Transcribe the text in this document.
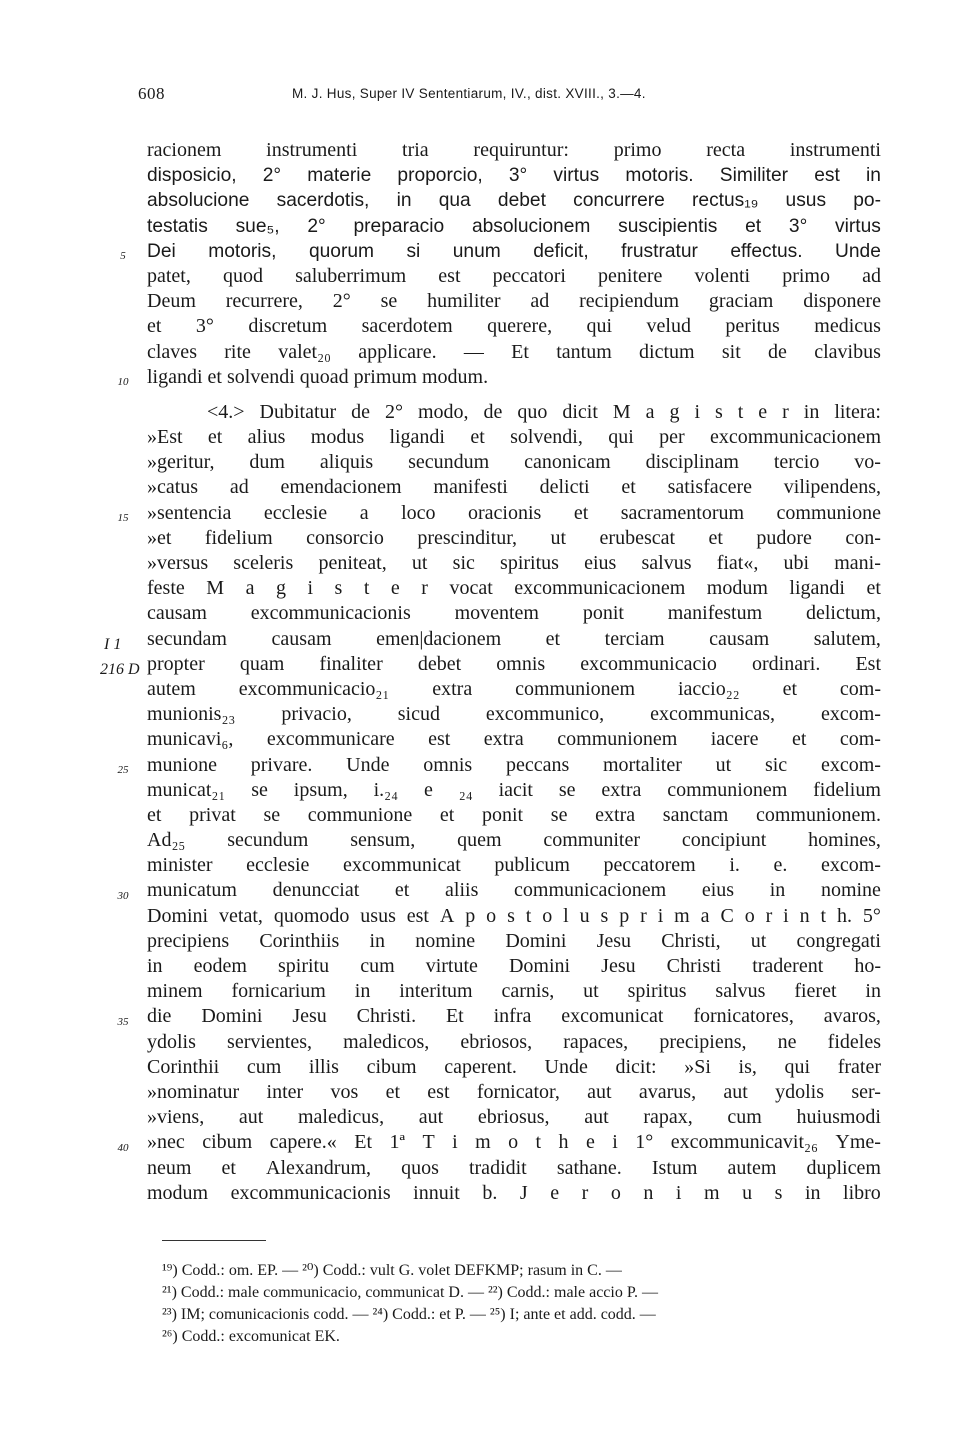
608	M. J. Hus, Super IV Sententiarum, IV., dist. XVIII., 3.—4.
racionem instrumenti tria requiruntur: primo recta instrumenti
disposicio, 2° materie proporcio, 3° virtus motoris. Similiter est in
absolucione sacerdotis, in qua debet concurrere rectus₁₉ usus po-
testatis sue₅, 2° preparacio absolucionem suscipientis et 3° virtus
Dei motoris, quorum si unum deficit, frustratur effectus. Unde
patet, quod saluberrimum est peccatori penitere volenti primo ad
Deum recurrere, 2° se humiliter ad recipiendum graciam disponere
et 3° discretum sacerdotem querere, qui velud peritus medicus
claves rite valet₂₀ applicare. — Et tantum dictum sit de clavibus
ligandi et solvendi quoad primum modum.
<4.> Dubitatur de 2° modo, de quo dicit M a g i s t e r in litera:
»Est et alius modus ligandi et solvendi, qui per excommunicacionem
»geritur, dum aliquis secundum canonicam disciplinam tercio vo-
»catus ad emendacionem manifesti delicti et satisfacere vilipendens,
»sentencia ecclesie a loco oracionis et sacramentorum communione
»et fidelium consorcio prescinditur, ut erubescat et pudore con-
»versus sceleris peniteat, ut sic spiritus eius salvus fiat«, ubi mani-
feste M a g i s t e r vocat excommunicacionem modum ligandi et
causam excommunicacionis moventem ponit manifestum delictum,
secundam causam emen|dacionem et terciam causam salutem,
propter quam finaliter debet omnis excommunicacio ordinari. Est
autem excommunicacio₂₁ extra communionem iaccio₂₂ et com-
munionis₂₃ privacio, sicud excommunico, excommunicas, excom-
municavi₆, excommunicare est extra communionem iacere et com-
munione privare. Unde omnis peccans mortaliter ut sic excom-
municat₂₁ se ipsum, i.₂₄ e ₂₄ iacit se extra communionem fidelium
et privat se communione et ponit se extra sanctam communionem.
Ad₂₅ secundum sensum, quem communiter concipiunt homines,
minister ecclesie excommunicat publicum peccatorem i. e. excom-
municatum denuncciat et aliis communicacionem eius in nomine
Domini vetat, quomodo usus est A p o s t o l u s p r i m a C o r i n t h. 5°
precipiens Corinthiis in nomine Domini Jesu Christi, ut congregati
in eodem spiritu cum virtute Domini Jesu Christi traderent ho-
minem fornicarium in interitum carnis, ut spiritus salvus fieret in
die Domini Jesu Christi. Et infra excomunicat fornicatores, avaros,
ydolis servientes, maledicos, ebriosos, rapaces, precipiens, ne fideles
Corinthii cum illis cibum caperent. Unde dicit: »Si is, qui frater
»nominatur inter vos et est fornicator, aut avarus, aut ydolis ser-
»viens, aut maledicus, aut ebriosus, aut rapax, cum huiusmodi
»nec cibum capere.« Et 1ª T i m o t h e i 1° excommunicavit₂₆ Yme-
neum et Alexandrum, quos tradidit sathane. Istum autem duplicem
modum excommunicacionis innuit b. J e r o n i m u s in libro
5
10
15
I 1
216 D
25
30
35
40
¹⁹) Codd.: om. EP. — ²⁰) Codd.: vult G. volet DEFKMP; rasum in C. —
²¹) Codd.: male communicacio, communicat D. — ²²) Codd.: male accio P. —
²³) IM; comunicacionis codd. — ²⁴) Codd.: et P. — ²⁵) I; ante et add. codd. —
²⁶) Codd.: excomunicat EK.
